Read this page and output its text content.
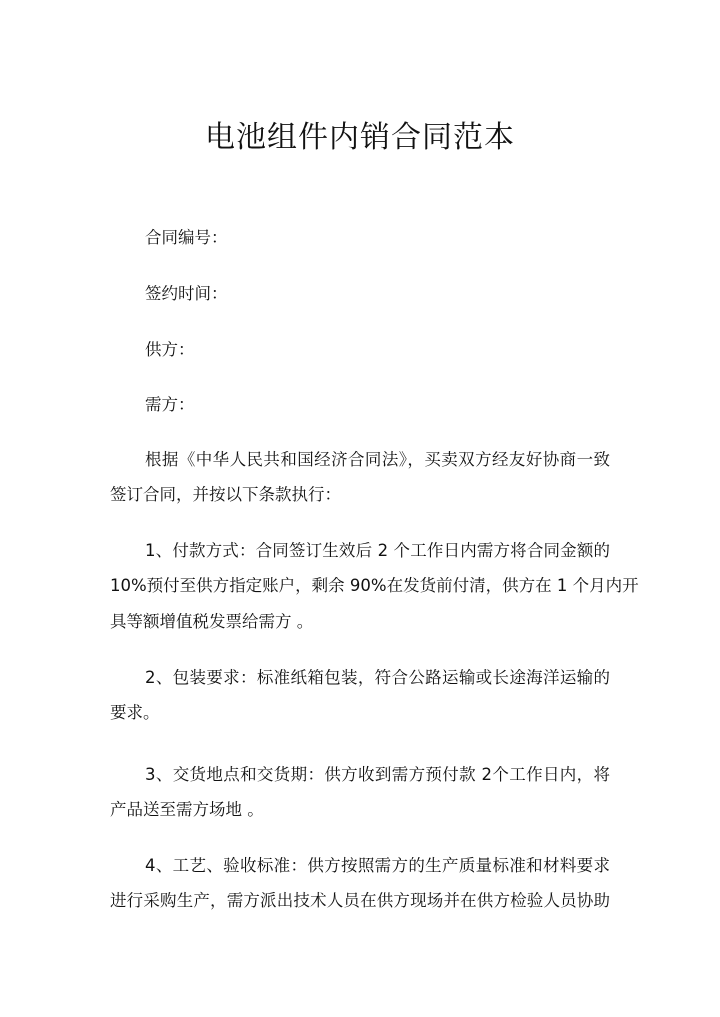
电池组件内销合同范本
合同编号：
签约时间：
供方：
需方：
根据《中华人民共和国经济合同法》，买卖双方经友好协商一致
签订合同，并按以下条款执行：
1、付款方式：合同签订生效后 2 个工作日内需方将合同金额的
10%预付至供方指定账户，剩余 90%在发货前付清，供方在 1 个月内开
具等额增值税发票给需方 。
2、包装要求：标准纸箱包装，符合公路运输或长途海洋运输的
要求。
3、交货地点和交货期：供方收到需方预付款 2个工作日内，将
产品送至需方场地 。
4、工艺、验收标准：供方按照需方的生产质量标准和材料要求
进行采购生产，需方派出技术人员在供方现场并在供方检验人员协助
